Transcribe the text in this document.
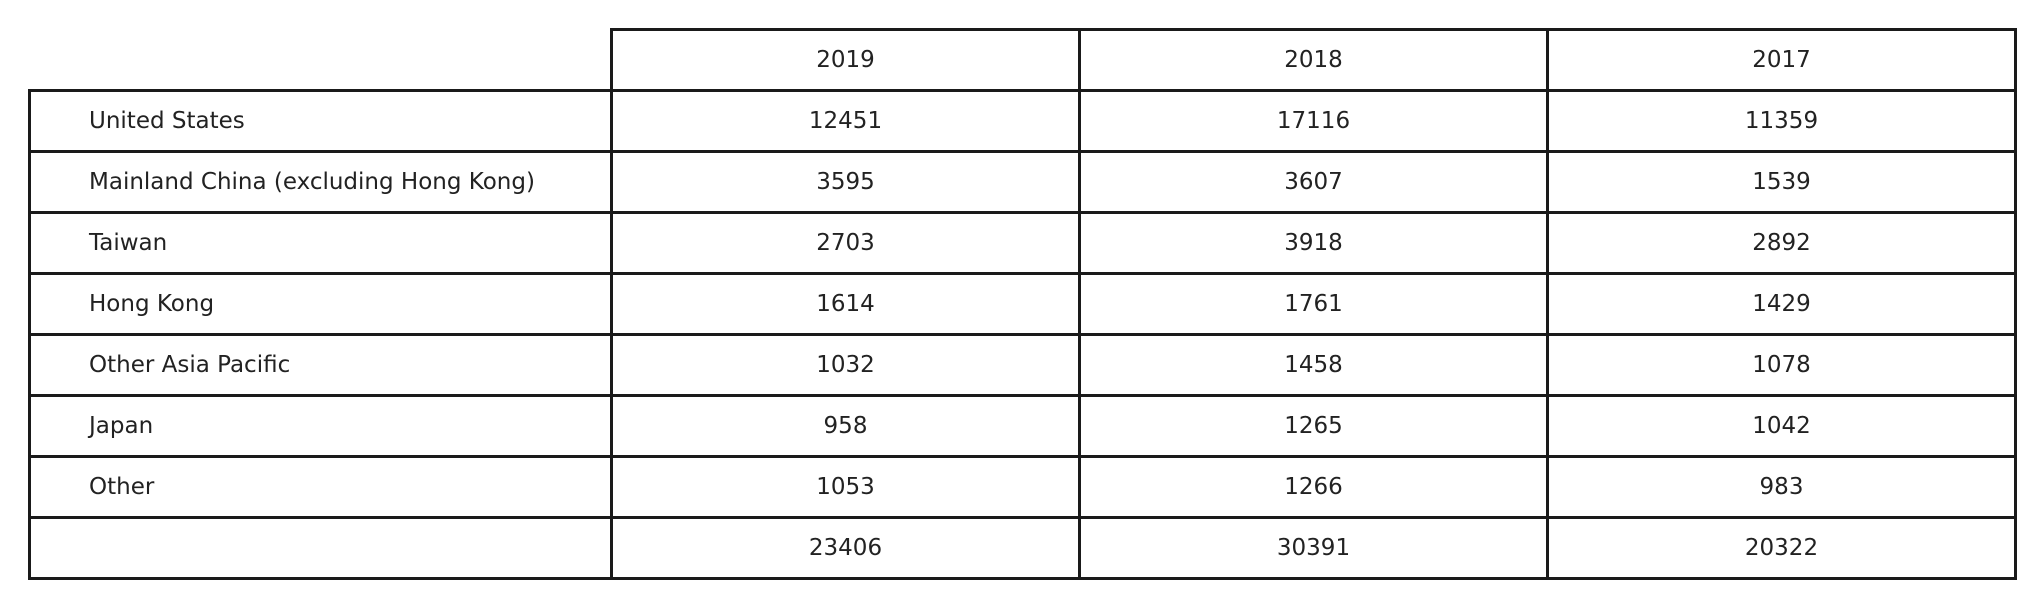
	2019	2018	2017
United States	12451	17116	11359
Mainland China (excluding Hong Kong)	3595	3607	1539
Taiwan	2703	3918	2892
Hong Kong	1614	1761	1429
Other Asia Pacific	1032	1458	1078
Japan	958	1265	1042
Other	1053	1266	983
	23406	30391	20322
